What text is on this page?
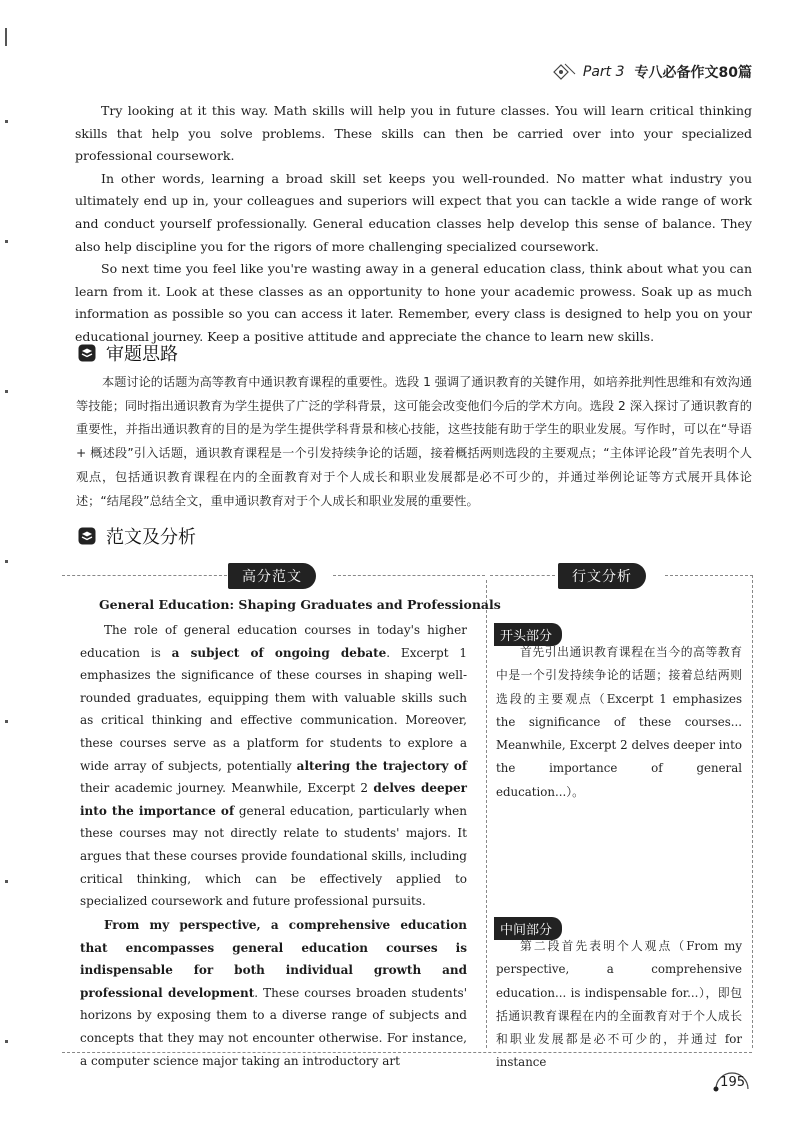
Part 3 专八必备作文80篇
Try looking at it this way. Math skills will help you in future classes. You will learn critical thinking skills that help you solve problems. These skills can then be carried over into your specialized professional coursework.
In other words, learning a broad skill set keeps you well-rounded. No matter what industry you ultimately end up in, your colleagues and superiors will expect that you can tackle a wide range of work and conduct yourself professionally. General education classes help develop this sense of balance. They also help discipline you for the rigors of more challenging specialized coursework.
So next time you feel like you're wasting away in a general education class, think about what you can learn from it. Look at these classes as an opportunity to hone your academic prowess. Soak up as much information as possible so you can access it later. Remember, every class is designed to help you on your educational journey. Keep a positive attitude and appreciate the chance to learn new skills.
审题思路
本题讨论的话题为高等教育中通识教育课程的重要性。选段 1 强调了通识教育的关键作用，如培养批判性思维和有效沟通等技能；同时指出通识教育为学生提供了广泛的学科背景，这可能会改变他们今后的学术方向。选段 2 深入探讨了通识教育的重要性，并指出通识教育的目的是为学生提供学科背景和核心技能，这些技能有助于学生的职业发展。写作时，可以在“导语 + 概述段”引入话题，通识教育课程是一个引发持续争论的话题，接着概括两则选段的主要观点；“主体评论段”首先表明个人观点，包括通识教育课程在内的全面教育对于个人成长和职业发展都是必不可少的，并通过举例论证等方式展开具体论述；“结尾段”总结全文，重申通识教育对于个人成长和职业发展的重要性。
范文及分析
高分范文	行文分析
General Education: Shaping Graduates and Professionals
The role of general education courses in today's higher education is a subject of ongoing debate. Excerpt 1 emphasizes the significance of these courses in shaping well-rounded graduates, equipping them with valuable skills such as critical thinking and effective communication. Moreover, these courses serve as a platform for students to explore a wide array of subjects, potentially altering the trajectory of their academic journey. Meanwhile, Excerpt 2 delves deeper into the importance of general education, particularly when these courses may not directly relate to students' majors. It argues that these courses provide foundational skills, including critical thinking, which can be effectively applied to specialized coursework and future professional pursuits.
From my perspective, a comprehensive education that encompasses general education courses is indispensable for both individual growth and professional development. These courses broaden students' horizons by exposing them to a diverse range of subjects and concepts that they may not encounter otherwise. For instance, a computer science major taking an introductory art
开头部分
首先引出通识教育课程在当今的高等教育中是一个引发持续争论的话题；接着总结两则选段的主要观点（Excerpt 1 emphasizes the significance of these courses... Meanwhile, Excerpt 2 delves deeper into the importance of general education...）。
中间部分
第二段首先表明个人观点（From my perspective, a comprehensive education... is indispensable for...），即包括通识教育课程在内的全面教育对于个人成长和职业发展都是必不可少的，并通过 for instance
195
